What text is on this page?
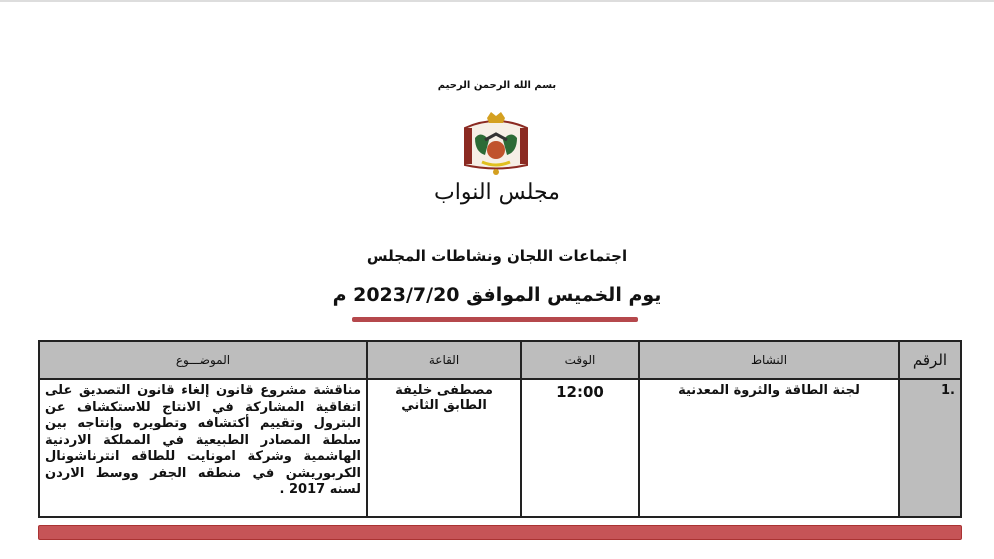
بسم الله الرحمن الرحيم
مجلس النواب
اجتماعات اللجان ونشاطات المجلس
يوم الخميس الموافق 2023/7/20 م
الرقم	النشاط	الوقت	القاعة	الموضـــوع
.1	لجنة الطاقة والثروة المعدنية	12:00	مصطفى خليفة الطابق الثاني	مناقشة مشروع قانون إلغاء قانون التصديق على اتفاقية المشاركة في الانتاج للاستكشاف عن البترول وتقييم أكتشافه وتطويره وإنتاجه بين سلطة المصادر الطبيعية في المملكة الاردنية الهاشمية وشركة امونايت للطاقه انترناشونال الكربوريشن في منطقه الجفر ووسط الاردن لسنه 2017 .
